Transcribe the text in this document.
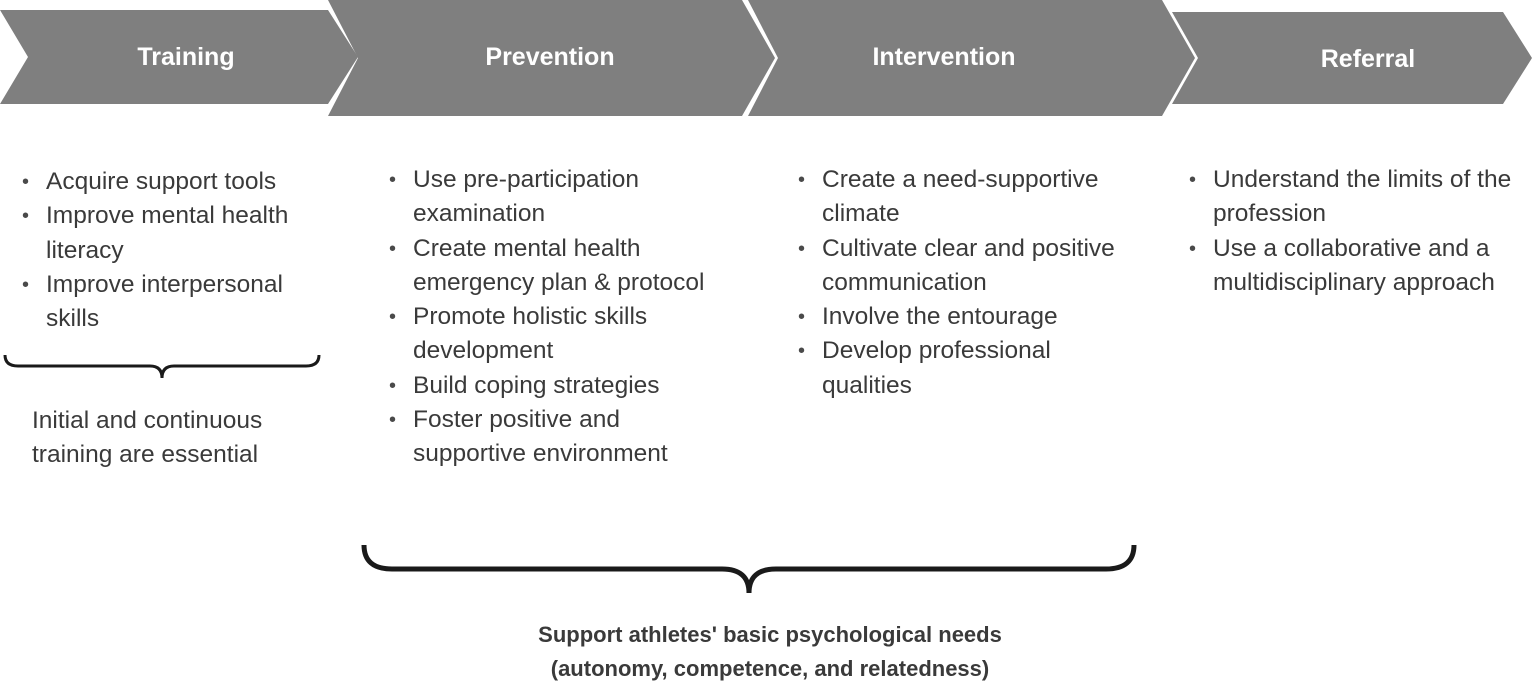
Training	Prevention	Intervention	Referral
• Acquire support tools
• Improve mental health literacy
• Improve interpersonal skills
• Use pre-participation examination
• Create mental health emergency plan & protocol
• Promote holistic skills development
• Build coping strategies
• Foster positive and supportive environment
• Create a need-supportive climate
• Cultivate clear and positive communication
• Involve the entourage
• Develop professional qualities
• Understand the limits of the profession
• Use a collaborative and a multidisciplinary approach
Initial and continuous
training are essential
Support athletes' basic psychological needs
(autonomy, competence, and relatedness)
